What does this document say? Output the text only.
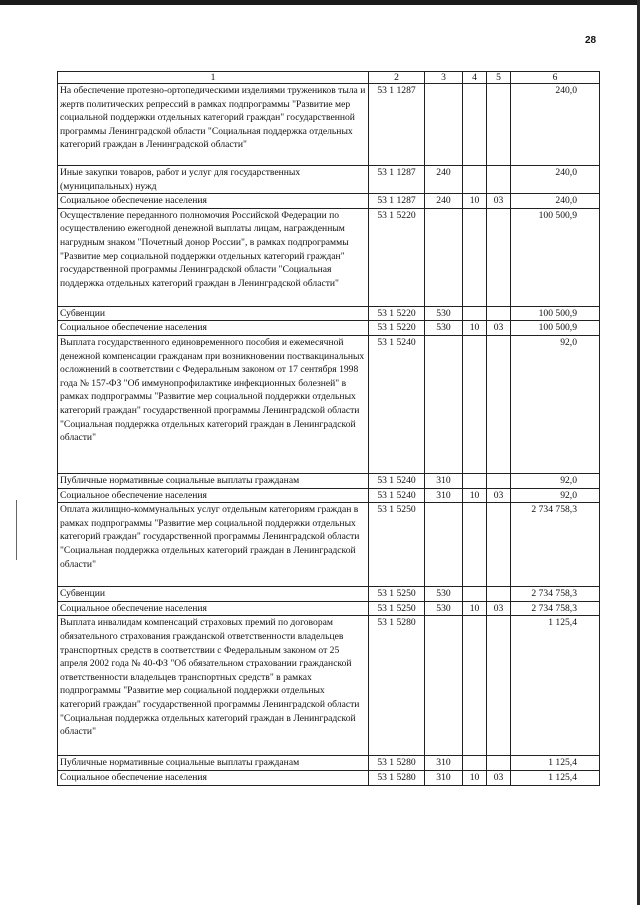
28
1	2	3	4	5	6
На обеспечение протезно-ортопедическими изделиями тружеников тыла и жертв политических репрессий в рамках подпрограммы "Развитие мер социальной поддержки отдельных категорий граждан" государственной программы Ленинградской области "Социальная поддержка отдельных категорий граждан в Ленинградской области"	53 1 1287				240,0
Иные закупки товаров, работ и услуг для государственных (муниципальных) нужд	53 1 1287	240			240,0
Социальное обеспечение населения	53 1 1287	240	10	03	240,0
Осуществление переданного полномочия Российской Федерации по осуществлению ежегодной денежной выплаты лицам, награжденным нагрудным знаком "Почетный донор России", в рамках подпрограммы "Развитие мер социальной поддержки отдельных категорий граждан" государственной программы Ленинградской области "Социальная поддержка отдельных категорий граждан в Ленинградской области"	53 1 5220				100 500,9
Субвенции	53 1 5220	530			100 500,9
Социальное обеспечение населения	53 1 5220	530	10	03	100 500,9
Выплата государственного единовременного пособия и ежемесячной денежной компенсации гражданам при возникновении поствакцинальных осложнений в соответствии с Федеральным законом от 17 сентября 1998 года № 157-ФЗ "Об иммунопрофилактике инфекционных болезней" в рамках подпрограммы "Развитие мер социальной поддержки отдельных категорий граждан" государственной программы Ленинградской области "Социальная поддержка отдельных категорий граждан в Ленинградской области"	53 1 5240				92,0
Публичные нормативные социальные выплаты гражданам	53 1 5240	310			92,0
Социальное обеспечение населения	53 1 5240	310	10	03	92,0
Оплата жилищно-коммунальных услуг отдельным категориям граждан в рамках подпрограммы "Развитие мер социальной поддержки отдельных категорий граждан" государственной программы Ленинградской области "Социальная поддержка отдельных категорий граждан в Ленинградской области"	53 1 5250				2 734 758,3
Субвенции	53 1 5250	530			2 734 758,3
Социальное обеспечение населения	53 1 5250	530	10	03	2 734 758,3
Выплата инвалидам компенсаций страховых премий по договорам обязательного страхования гражданской ответственности владельцев транспортных средств в соответствии с Федеральным законом от 25 апреля 2002 года № 40-ФЗ "Об обязательном страховании гражданской ответственности владельцев транспортных средств" в рамках подпрограммы "Развитие мер социальной поддержки отдельных категорий граждан" государственной программы Ленинградской области "Социальная поддержка отдельных категорий граждан в Ленинградской области"	53 1 5280				1 125,4
Публичные нормативные социальные выплаты гражданам	53 1 5280	310			1 125,4
Социальное обеспечение населения	53 1 5280	310	10	03	1 125,4
